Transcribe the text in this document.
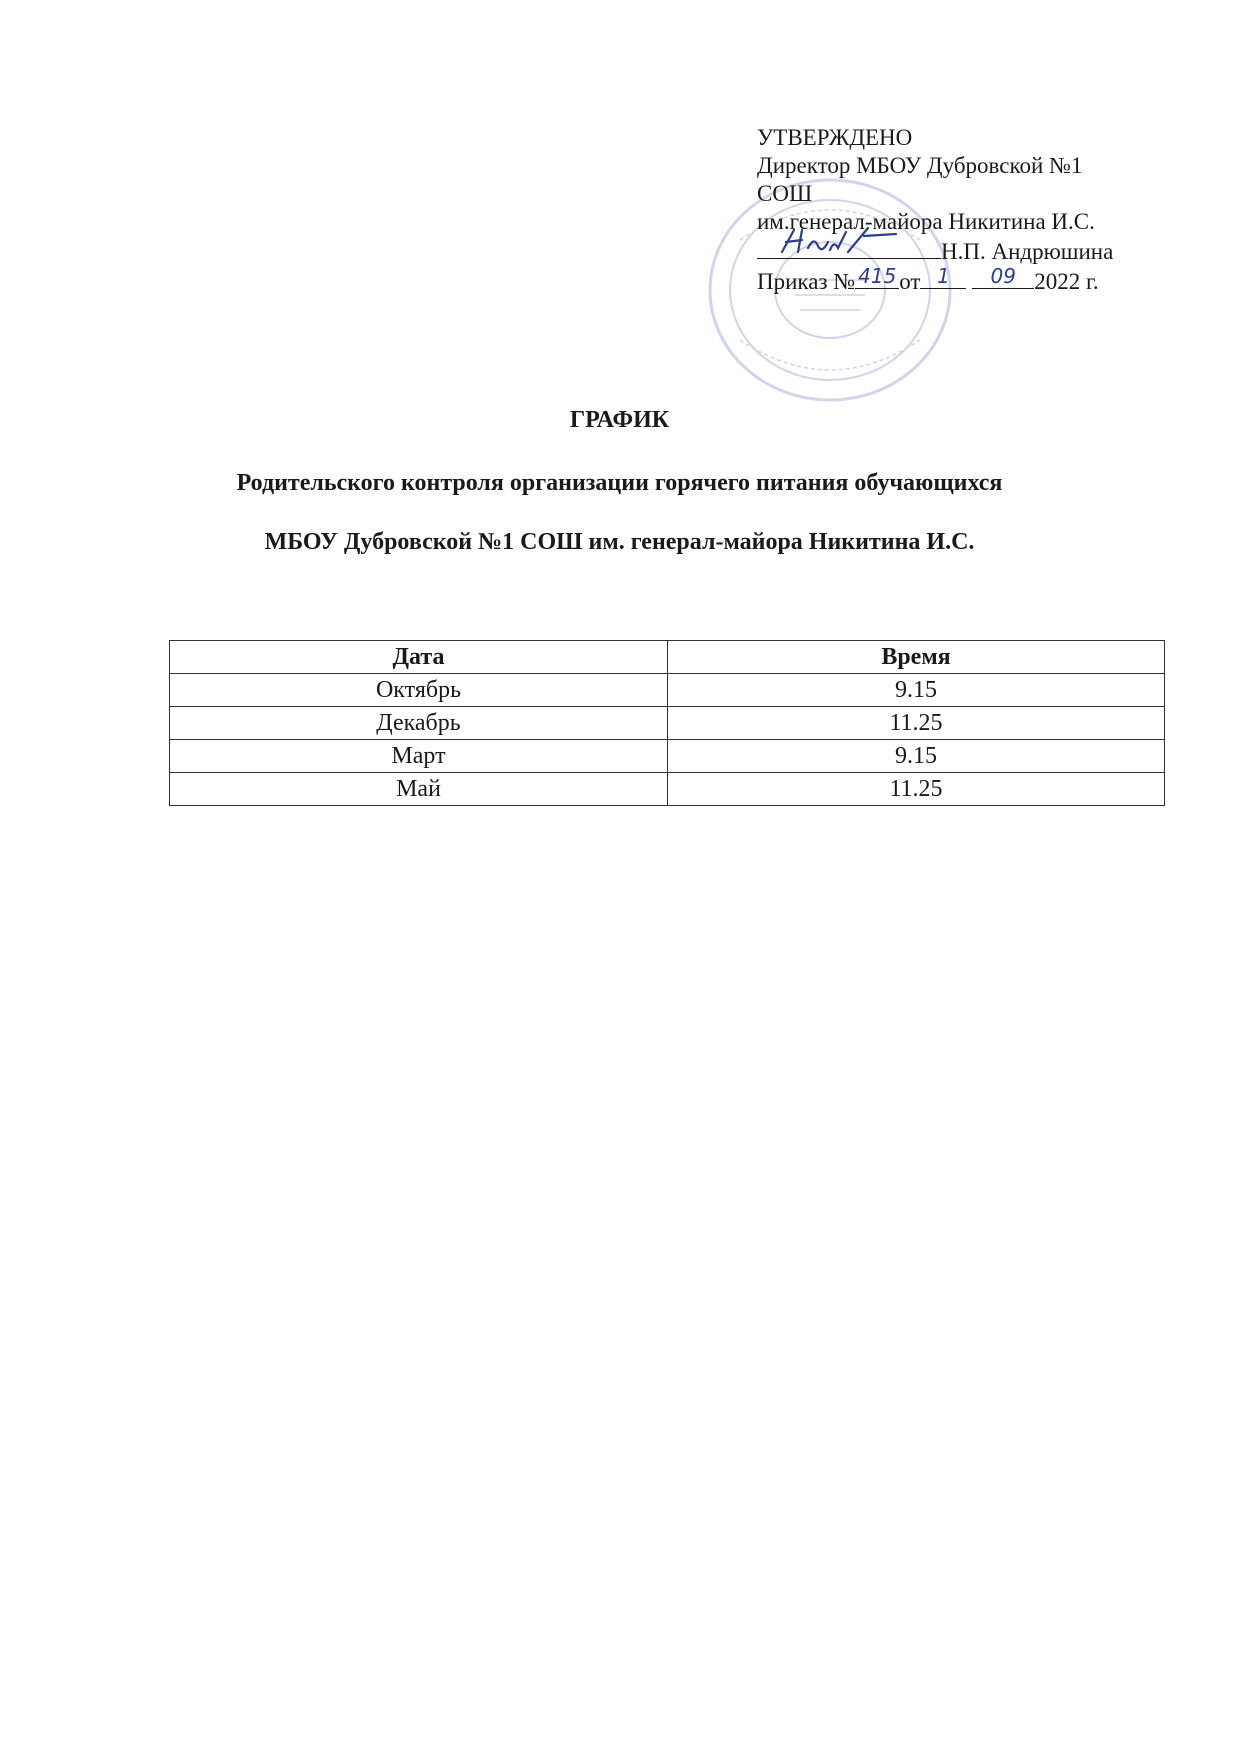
УТВЕРЖДЕНО
Директор МБОУ Дубровской №1
СОШ
им.генерал-майора Никитина И.С.
Н.П. Андрюшина
Приказ № 415 от 1
	09 2022 г.
ГРАФИК
Родительского контроля организации горячего питания обучающихся
МБОУ Дубровской №1 СОШ им. генерал-майора Никитина И.С.
Дата	Время
Октябрь	9.15
Декабрь	11.25
Март	9.15
Май	11.25
